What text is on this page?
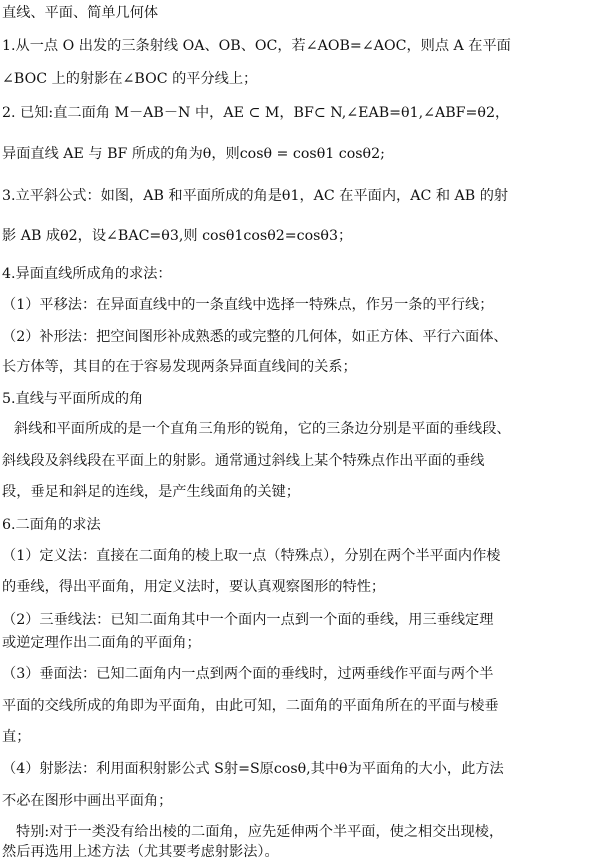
直线、平面、简单几何体
1.从一点 O 出发的三条射线 OA、OB、OC，若∠AOB=∠AOC，则点 A 在平面
∠BOC 上的射影在∠BOC 的平分线上；
2. 已知:直二面角 M－AB－N 中，AE ⊂ M，BF⊂ N,∠EAB=θ1,∠ABF=θ2，
异面直线 AE 与 BF 所成的角为θ，则cosθ = cosθ1 cosθ2;
3.立平斜公式：如图，AB 和平面所成的角是θ1，AC 在平面内，AC 和 AB 的射
影 AB 成θ2，设∠BAC=θ3,则 cosθ1cosθ2=cosθ3；
4.异面直线所成角的求法：
（1）平移法：在异面直线中的一条直线中选择一特殊点，作另一条的平行线；
（2）补形法：把空间图形补成熟悉的或完整的几何体，如正方体、平行六面体、
长方体等，其目的在于容易发现两条异面直线间的关系；
5.直线与平面所成的角
斜线和平面所成的是一个直角三角形的锐角，它的三条边分别是平面的垂线段、
斜线段及斜线段在平面上的射影。通常通过斜线上某个特殊点作出平面的垂线
段，垂足和斜足的连线，是产生线面角的关键；
6.二面角的求法
（1）定义法：直接在二面角的棱上取一点（特殊点），分别在两个半平面内作棱
的垂线，得出平面角，用定义法时，要认真观察图形的特性；
（2）三垂线法：已知二面角其中一个面内一点到一个面的垂线，用三垂线定理
或逆定理作出二面角的平面角；
（3）垂面法：已知二面角内一点到两个面的垂线时，过两垂线作平面与两个半
平面的交线所成的角即为平面角，由此可知，二面角的平面角所在的平面与棱垂
直；
（4）射影法：利用面积射影公式 S射=S原cosθ,其中θ为平面角的大小，此方法
不必在图形中画出平面角；
特别:对于一类没有给出棱的二面角，应先延伸两个半平面，使之相交出现棱，
然后再选用上述方法（尤其要考虑射影法）。
